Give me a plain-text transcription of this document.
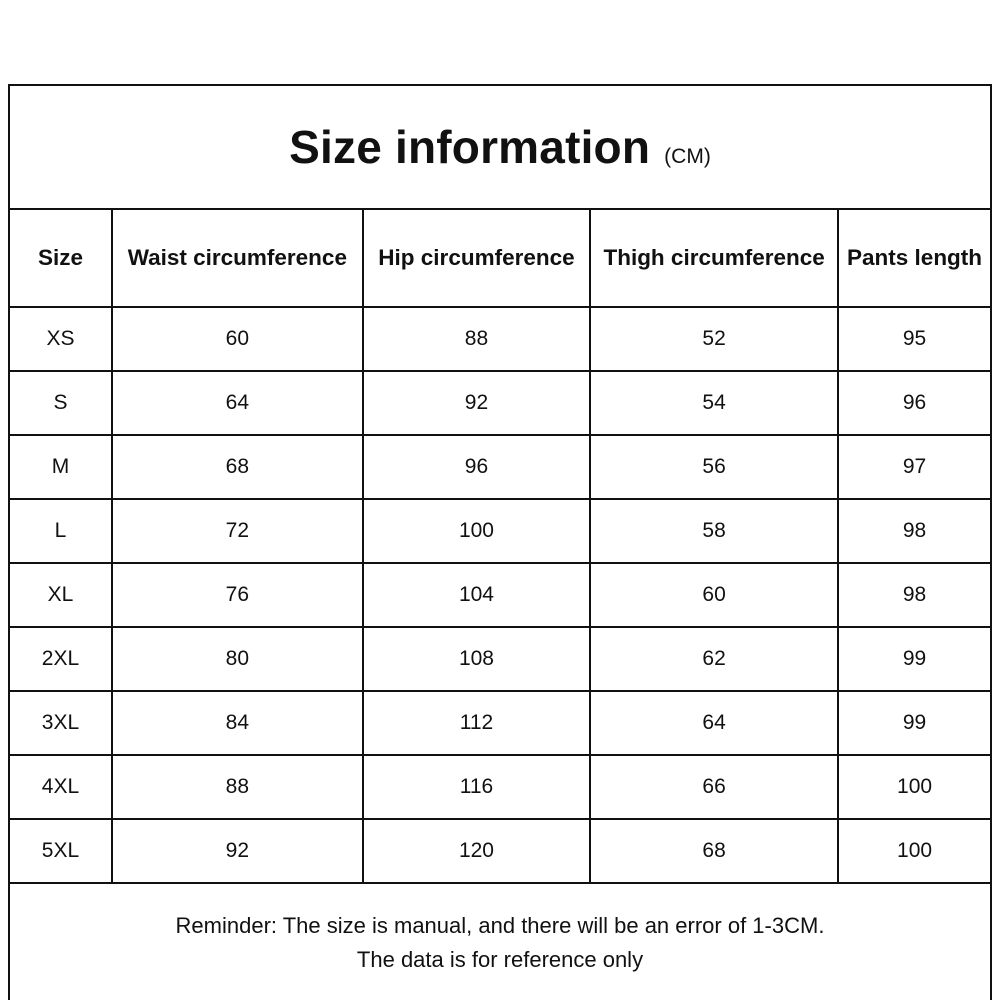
Size information (CM)				

Size	Waist circumference	Hip circumference	Thigh circumference	Pants length
XS	60	88	52	95
S	64	92	54	96
M	68	96	56	97
L	72	100	58	98
XL	76	104	60	98
2XL	80	108	62	99
3XL	84	112	64	99
4XL	88	116	66	100
5XL	92	120	68	100

Reminder: The size is manual, and there will be an error of 1-3CM.
The data is for reference only				
